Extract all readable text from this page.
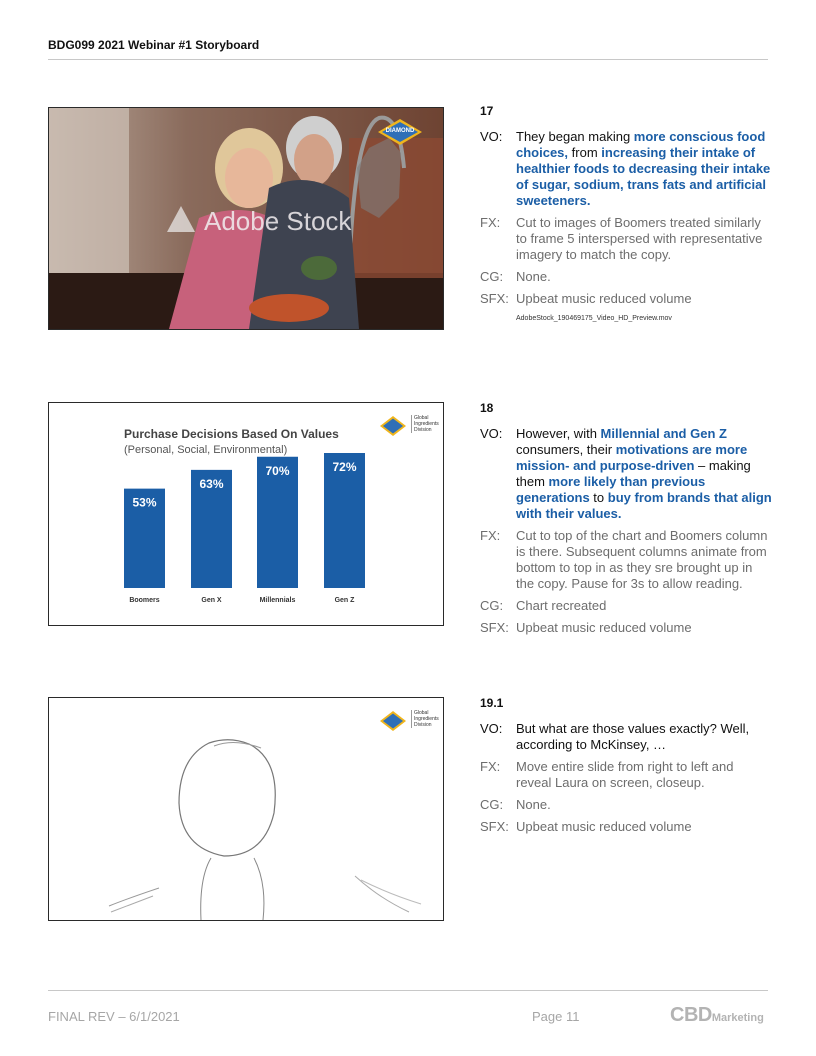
BDG099 2021 Webinar #1 Storyboard
Adobe Stock
DIAMOND
17
VO:	They began making more conscious food choices, from increasing their intake of healthier foods to decreasing their intake of sugar, sodium, trans fats and artificial sweeteners.
FX:	Cut to images of Boomers treated similarly to frame 5 interspersed with representative imagery to match the copy.
CG: None.
SFX: Upbeat music reduced volume
AdobeStock_190469175_Video_HD_Preview.mov
Global
Ingredients
Division
Purchase Decisions Based On Values
(Personal, Social, Environmental)
53%
Boomers
63%
Gen X
70%
Millennials
72%
Gen Z
18
VO:	However, with Millennial and Gen Z consumers, their motivations are more mission- and purpose-driven – making them more likely than previous generations to buy from brands that align with their values.
FX:	Cut to top of the chart and Boomers column is there. Subsequent columns animate from bottom to top in as they sre brought up in the copy. Pause for 3s to allow reading.
CG: Chart recreated
SFX: Upbeat music reduced volume
Global
Ingredients
Division
19.1
VO:	But what are those values exactly? Well, according to McKinsey, …
FX:	Move entire slide from right to left and reveal Laura on screen, closeup.
CG: None.
SFX: Upbeat music reduced volume
FINAL REV – 6/1/2021	Page 11	CBDMarketing
